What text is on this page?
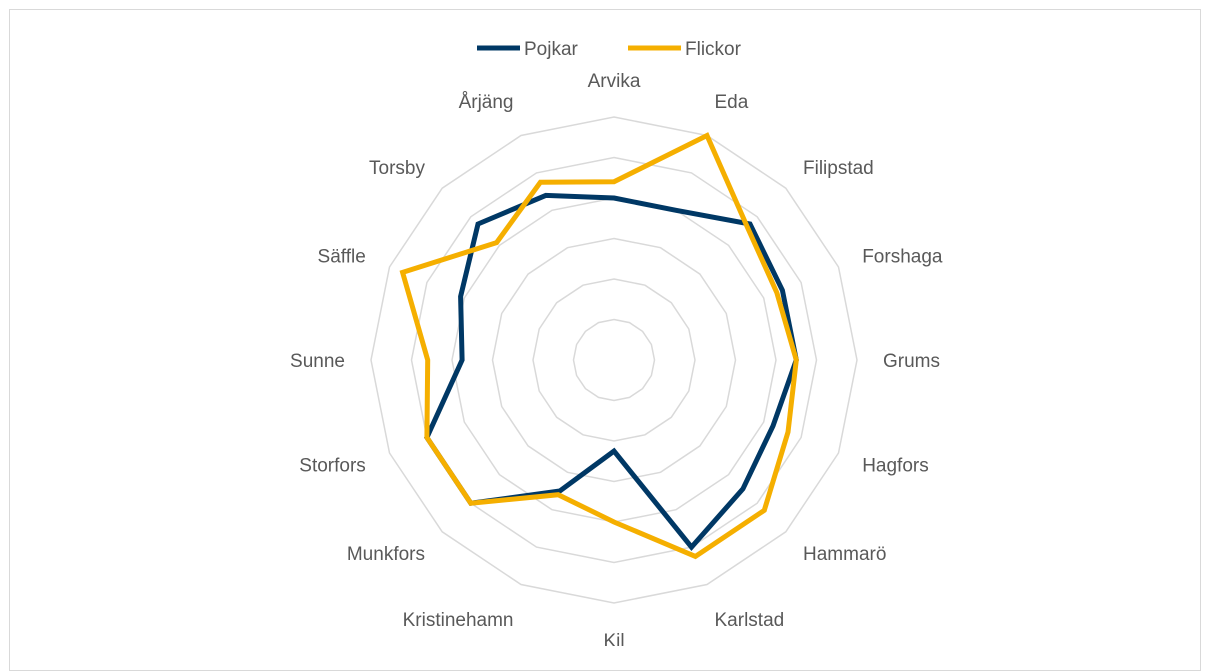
Arvika
Eda
Filipstad
Forshaga
Grums
Hagfors
Hammarö
Karlstad
Kil
Kristinehamn
Munkfors
Storfors
Sunne
Säffle
Torsby
Årjäng
Pojkar	Flickor
